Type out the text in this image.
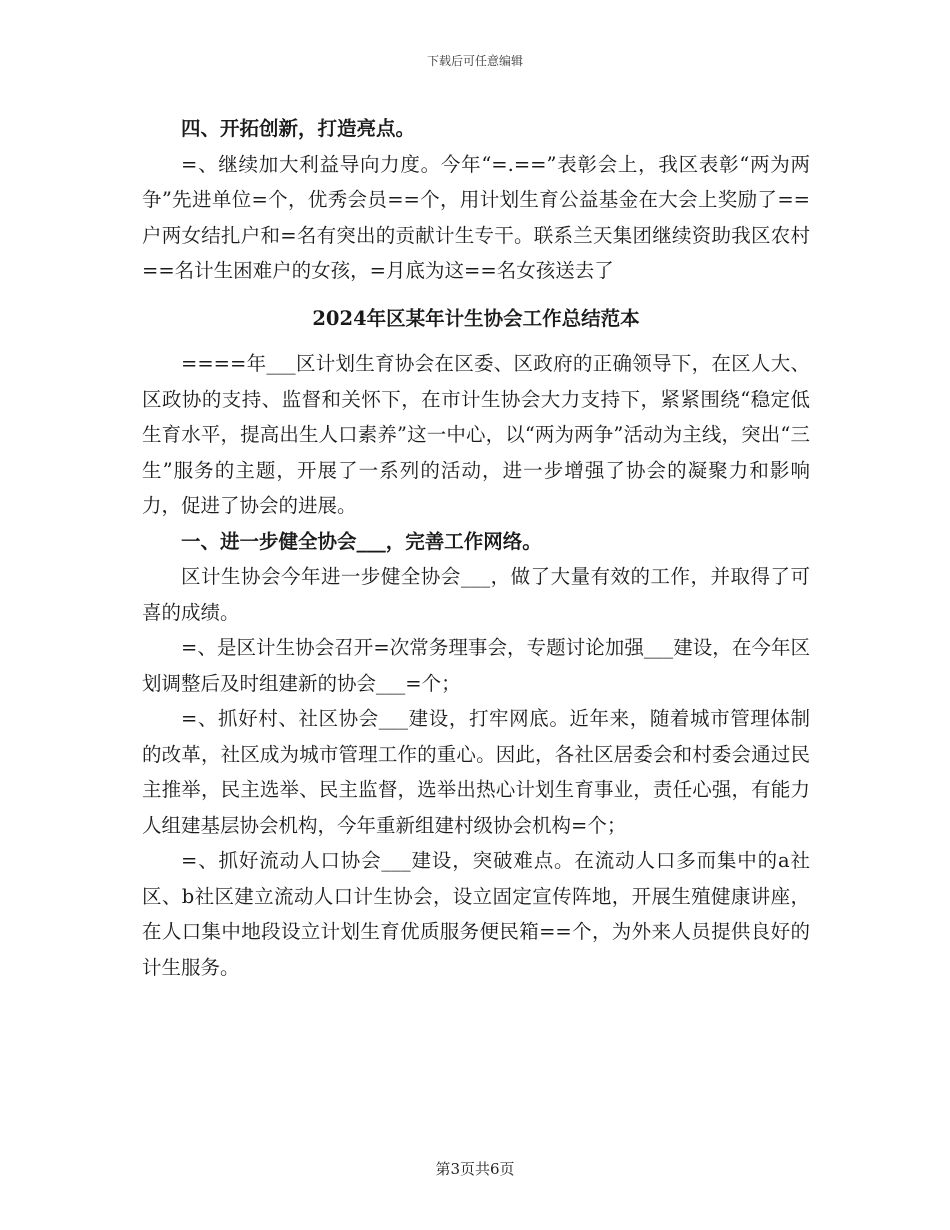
下载后可任意编辑

四、开拓创新，打造亮点。

=、继续加大利益导向力度。今年“=.==”表彰会上，我区表彰“两为两争”先进单位=个，优秀会员==个，用计划生育公益基金在大会上奖励了==户两女结扎户和=名有突出的贡献计生专干。联系兰天集团继续资助我区农村==名计生困难户的女孩，=月底为这==名女孩送去了

2024年区某年计生协会工作总结范本

====年___区计划生育协会在区委、区政府的正确领导下，在区人大、区政协的支持、监督和关怀下，在市计生协会大力支持下，紧紧围绕“稳定低生育水平，提高出生人口素养”这一中心，以“两为两争”活动为主线，突出“三生”服务的主题，开展了一系列的活动，进一步增强了协会的凝聚力和影响力，促进了协会的进展。

一、进一步健全协会___，完善工作网络。

区计生协会今年进一步健全协会___，做了大量有效的工作，并取得了可喜的成绩。

=、是区计生协会召开=次常务理事会，专题讨论加强___建设，在今年区划调整后及时组建新的协会___=个；

=、抓好村、社区协会___建设，打牢网底。近年来，随着城市管理体制的改革，社区成为城市管理工作的重心。因此，各社区居委会和村委会通过民主推举，民主选举、民主监督，选举出热心计划生育事业，责任心强，有能力人组建基层协会机构，今年重新组建村级协会机构=个；

=、抓好流动人口协会___建设，突破难点。在流动人口多而集中的a社区、b社区建立流动人口计生协会，设立固定宣传阵地，开展生殖健康讲座，在人口集中地段设立计划生育优质服务便民箱==个，为外来人员提供良好的计生服务。

第3页共6页
